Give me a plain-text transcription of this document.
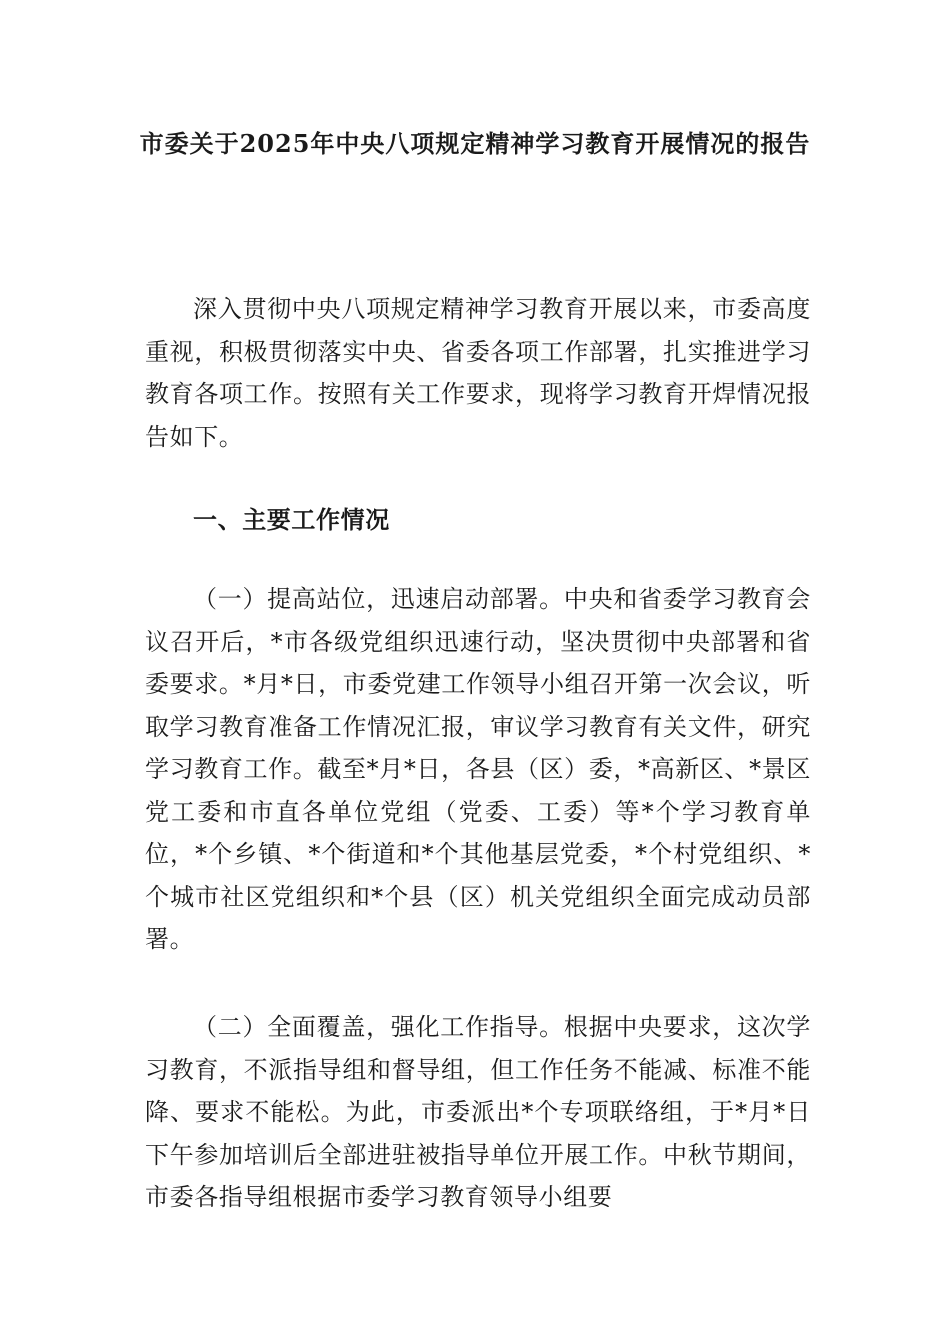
市委关于2025年中央八项规定精神学习教育开展情况的报告

深入贯彻中央八项规定精神学习教育开展以来，市委高度重视，积极贯彻落实中央、省委各项工作部署，扎实推进学习教育各项工作。按照有关工作要求，现将学习教育开焊情况报告如下。

一、主要工作情况

（一）提高站位，迅速启动部署。中央和省委学习教育会议召开后，*市各级党组织迅速行动，坚决贯彻中央部署和省委要求。*月*日，市委党建工作领导小组召开第一次会议，听取学习教育准备工作情况汇报，审议学习教育有关文件，研究学习教育工作。截至*月*日，各县（区）委，*高新区、*景区党工委和市直各单位党组（党委、工委）等*个学习教育单位，*个乡镇、*个街道和*个其他基层党委，*个村党组织、*个城市社区党组织和*个县（区）机关党组织全面完成动员部署。

（二）全面覆盖，强化工作指导。根据中央要求，这次学习教育，不派指导组和督导组，但工作任务不能减、标准不能降、要求不能松。为此，市委派出*个专项联络组，于*月*日下午参加培训后全部进驻被指导单位开展工作。中秋节期间，市委各指导组根据市委学习教育领导小组要
